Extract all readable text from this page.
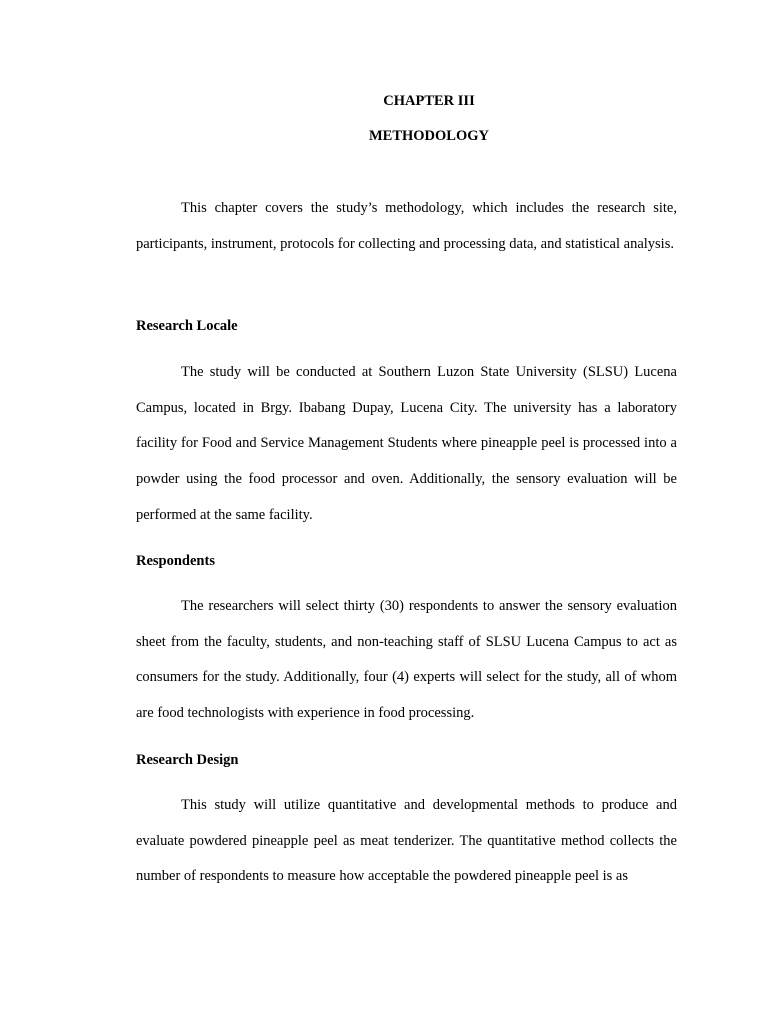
CHAPTER III
METHODOLOGY

This chapter covers the study’s methodology, which includes the research site, participants, instrument, protocols for collecting and processing data, and statistical analysis.

Research Locale

The study will be conducted at Southern Luzon State University (SLSU) Lucena Campus, located in Brgy. Ibabang Dupay, Lucena City. The university has a laboratory facility for Food and Service Management Students where pineapple peel is processed into a powder using the food processor and oven. Additionally, the sensory evaluation will be performed at the same facility.

Respondents

The researchers will select thirty (30) respondents to answer the sensory evaluation sheet from the faculty, students, and non-teaching staff of SLSU Lucena Campus to act as consumers for the study. Additionally, four (4) experts will select for the study, all of whom are food technologists with experience in food processing.

Research Design

This study will utilize quantitative and developmental methods to produce and evaluate powdered pineapple peel as meat tenderizer. The quantitative method collects the number of respondents to measure how acceptable the powdered pineapple peel is as
